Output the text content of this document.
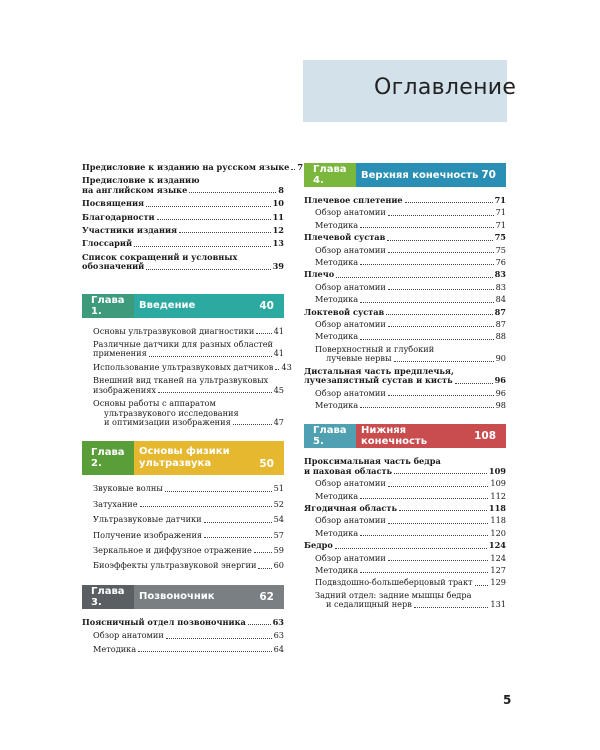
Оглавление
Предисловие к изданию на русском языке 7
Предисловие к изданию
на английском языке	8
Посвящения	10
Благодарности	11
Участники издания	12
Глоссарий	13
Список сокращений и условных
обозначений	39
Глава 1.	Введение	40
Основы ультразвуковой диагностики 41
Различные датчики для разных областей
применения	41
Использование ультразвуковых датчиков 43
Внешний вид тканей на ультразвуковых
изображениях	45
Основы работы с аппаратом
ультразвукового исследования
и оптимизации изображения	47
Глава 2.
Основы физики
ультразвука	50
Звуковые волны	51
Затухание	52
Ультразвуковые датчики	54
Получение изображения	57
Зеркальное и диффузное отражение	59
Биоэффекты ультразвуковой энергии 60
Глава 3.	Позвоночник	62
Поясничный отдел позвоночника	63
Обзор анатомии	63
Методика	64
Глава 4.	Верхняя конечность 70
Плечевое сплетение	71
Обзор анатомии	71
Методика	71
Плечевой сустав	75
Обзор анатомии	75
Методика	76
Плечо	83
Обзор анатомии	83
Методика	84
Локтевой сустав	87
Обзор анатомии	87
Методика	88
Поверхностный и глубокий
лучевые нервы	90
Дистальная часть предплечья,
лучезапястный сустав и кисть	96
Обзор анатомии	96
Методика	98
Глава 5.
Нижняя конечность	108
Проксимальная часть бедра
и паховая область	109
Обзор анатомии	109
Методика	112
Ягодичная область	118
Обзор анатомии	118
Методика	120
Бедро	124
Обзор анатомии	124
Методика	127
Подвздошно-большеберцовый тракт 129
Задний отдел: задние мышцы бедра
и седалищный нерв	131
5
